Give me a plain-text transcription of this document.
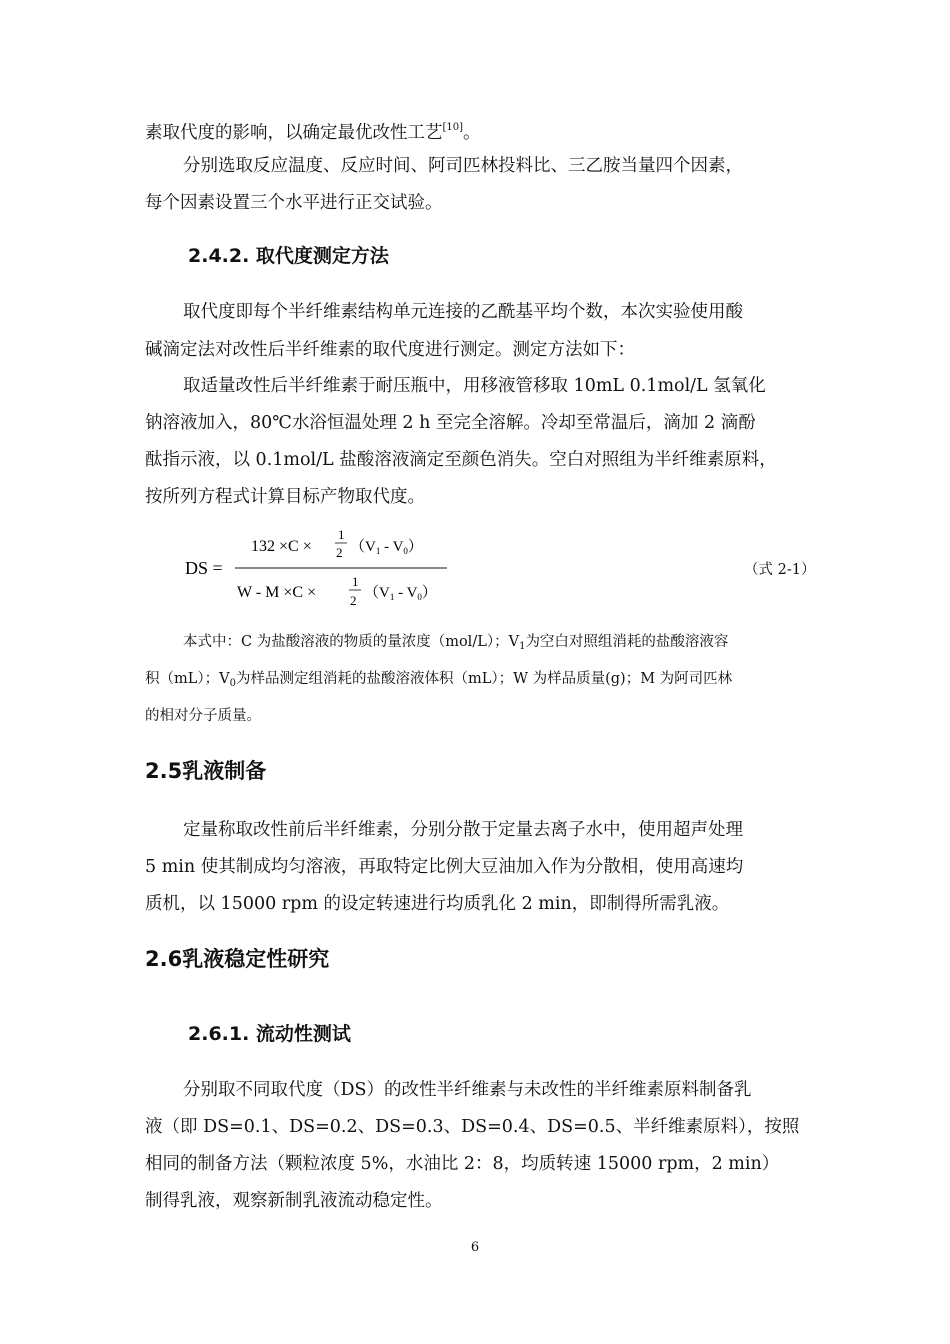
素取代度的影响，以确定最优改性工艺[10]。
分别选取反应温度、反应时间、阿司匹林投料比、三乙胺当量四个因素，
每个因素设置三个水平进行正交试验。
2.4.2. 取代度测定方法
取代度即每个半纤维素结构单元连接的乙酰基平均个数，本次实验使用酸
碱滴定法对改性后半纤维素的取代度进行测定。测定方法如下：
取适量改性后半纤维素于耐压瓶中，用移液管移取 10mL 0.1mol/L 氢氧化
钠溶液加入，80℃水浴恒温处理 2 h 至完全溶解。冷却至常温后，滴加 2 滴酚
酞指示液，以 0.1mol/L 盐酸溶液滴定至颜色消失。空白对照组为半纤维素原料，
按所列方程式计算目标产物取代度。
DS =
132 ×C ×
1
2 $(V_1 - V_0)$
W - M ×C ×
1
2 $(V_1 - V_0)$
（式 2-1）
本式中：C 为盐酸溶液的物质的量浓度（mol/L）；$V_1$为空白对照组消耗的盐酸溶液容
积（mL）；$V_0$为样品测定组消耗的盐酸溶液体积（mL）；W 为样品质量(g)；M 为阿司匹林
的相对分子质量。
2.5乳液制备
定量称取改性前后半纤维素，分别分散于定量去离子水中，使用超声处理
5 min 使其制成均匀溶液，再取特定比例大豆油加入作为分散相，使用高速均
质机，以 15000 rpm 的设定转速进行均质乳化 2 min，即制得所需乳液。
2.6乳液稳定性研究
2.6.1. 流动性测试
分别取不同取代度（DS）的改性半纤维素与未改性的半纤维素原料制备乳
液（即 DS=0.1、DS=0.2、DS=0.3、DS=0.4、DS=0.5、半纤维素原料），按照
相同的制备方法（颗粒浓度 5%，水油比 2：8，均质转速 15000 rpm，2 min）
制得乳液，观察新制乳液流动稳定性。
6
